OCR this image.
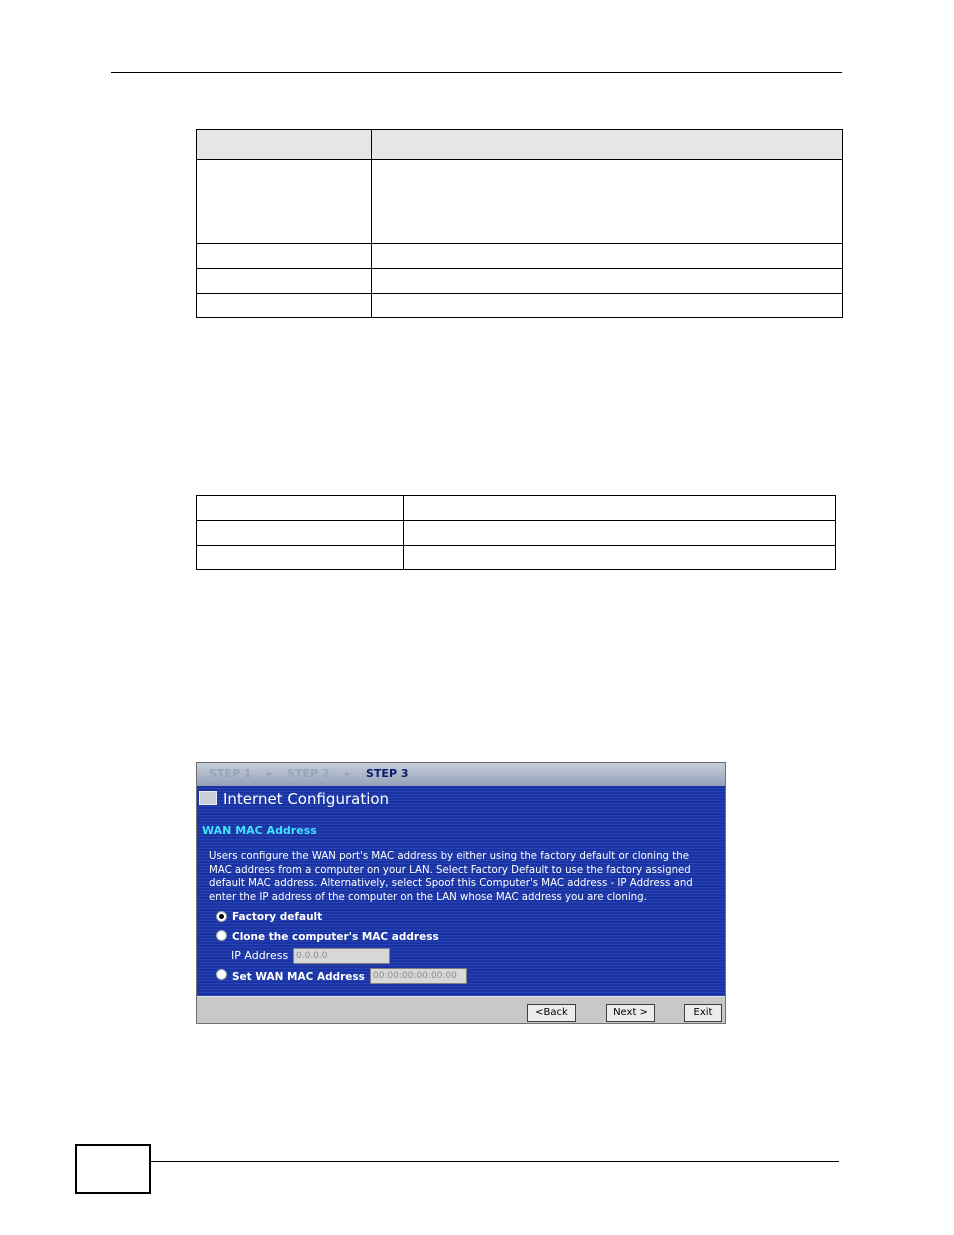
STEP 1 ► STEP 2 ► STEP 3
Internet Configuration
WAN MAC Address
Users configure the WAN port's MAC address by either using the factory default or cloning the
MAC address from a computer on your LAN. Select Factory Default to use the factory assigned
default MAC address. Alternatively, select Spoof this Computer's MAC address - IP Address and
enter the IP address of the computer on the LAN whose MAC address you are cloning.
Factory default
Clone the computer's MAC address
IP Address 0.0.0.0
Set WAN MAC Address 00:00:00:00:00:00
<Back	Next >	Exit
